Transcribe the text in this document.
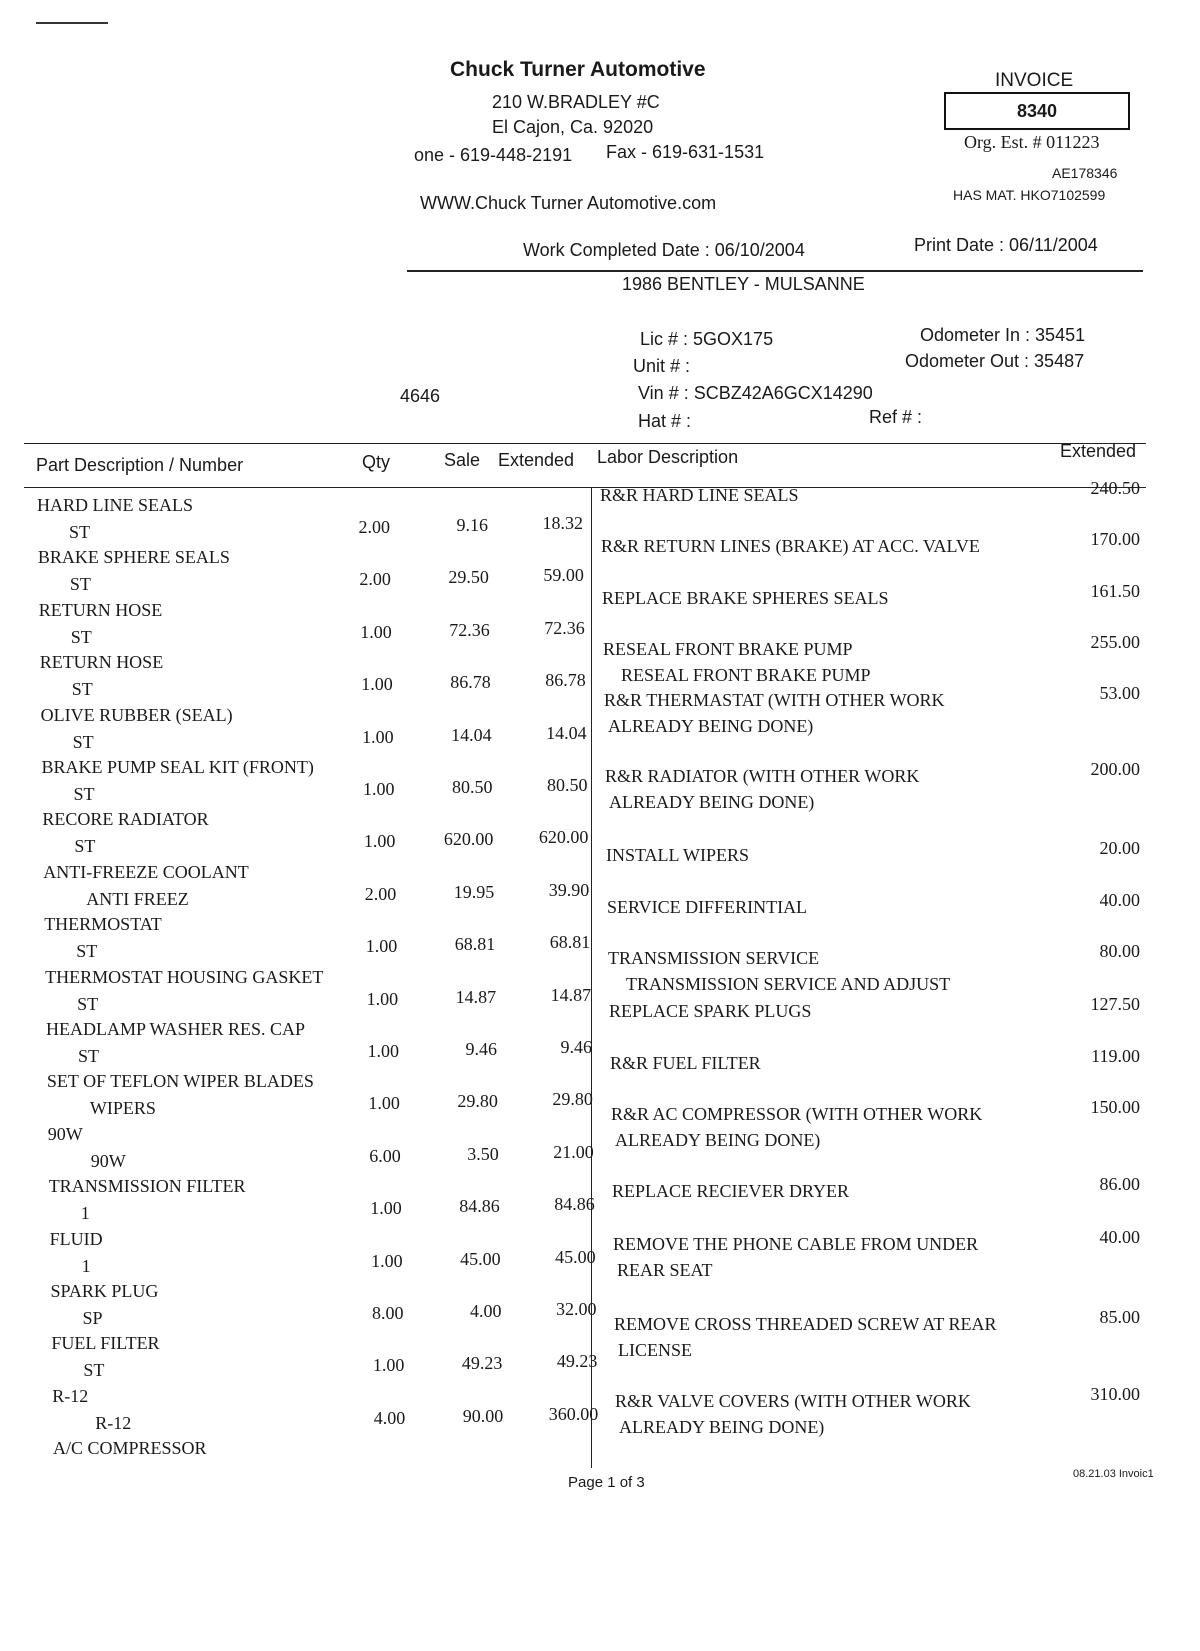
Chuck Turner Automotive
210 W.BRADLEY #C
El Cajon, Ca. 92020
one - 619-448-2191 Fax - 619-631-1531
WWW.Chuck Turner Automotive.com
INVOICE
8340
Org. Est. # 011223
AE178346
HAS MAT. HKO7102599
Work Completed Date : 06/10/2004	Print Date : 06/11/2004
1986 BENTLEY - MULSANNE
Lic # : 5GOX175
Unit # :
Vin # : SCBZ42A6GCX14290
Hat # :	Ref # :
Odometer In : 35451
Odometer Out : 35487
4646
Part Description / Number	Qty	Sale Extended Labor Description	Extended
HARD LINE SEALS
ST	2.00	9.16	18.32
BRAKE SPHERE SEALS
ST	2.00	29.50	59.00
RETURN HOSE
ST	1.00	72.36	72.36
RETURN HOSE
ST	1.00	86.78	86.78
OLIVE RUBBER (SEAL)
ST	1.00	14.04	14.04
BRAKE PUMP SEAL KIT (FRONT)
ST	1.00	80.50	80.50
RECORE RADIATOR
ST	1.00	620.00	620.00
ANTI-FREEZE COOLANT
ANTI FREEZ	2.00	19.95	39.90
THERMOSTAT
ST	1.00	68.81	68.81
THERMOSTAT HOUSING GASKET
ST	1.00	14.87	14.87
HEADLAMP WASHER RES. CAP
ST	1.00	9.46	9.46
SET OF TEFLON WIPER BLADES
WIPERS	1.00	29.80	29.80
90W
90W	6.00	3.50	21.00
TRANSMISSION FILTER
1	1.00	84.86	84.86
FLUID
1	1.00	45.00	45.00
SPARK PLUG
SP	8.00	4.00	32.00
FUEL FILTER
ST	1.00	49.23	49.23
R-12
R-12	4.00	90.00	360.00
A/C COMPRESSOR
R&R HARD LINE SEALS	240.50
R&R RETURN LINES (BRAKE) AT ACC. VALVE	170.00
REPLACE BRAKE SPHERES SEALS	161.50
RESEAL FRONT BRAKE PUMP
RESEAL FRONT BRAKE PUMP
255.00
R&R THERMASTAT (WITH OTHER WORK
ALREADY BEING DONE)
53.00
R&R RADIATOR (WITH OTHER WORK
ALREADY BEING DONE)
200.00
INSTALL WIPERS	20.00
SERVICE DIFFERINTIAL	40.00
TRANSMISSION SERVICE
TRANSMISSION SERVICE AND ADJUST
80.00
REPLACE SPARK PLUGS	127.50
R&R FUEL FILTER	119.00
R&R AC COMPRESSOR (WITH OTHER WORK
ALREADY BEING DONE)
150.00
REPLACE RECIEVER DRYER	86.00
REMOVE THE PHONE CABLE FROM UNDER
REAR SEAT
40.00
REMOVE CROSS THREADED SCREW AT REAR
LICENSE
85.00
R&R VALVE COVERS (WITH OTHER WORK
ALREADY BEING DONE)
310.00
Page 1 of 3	08.21.03 Invoic1
